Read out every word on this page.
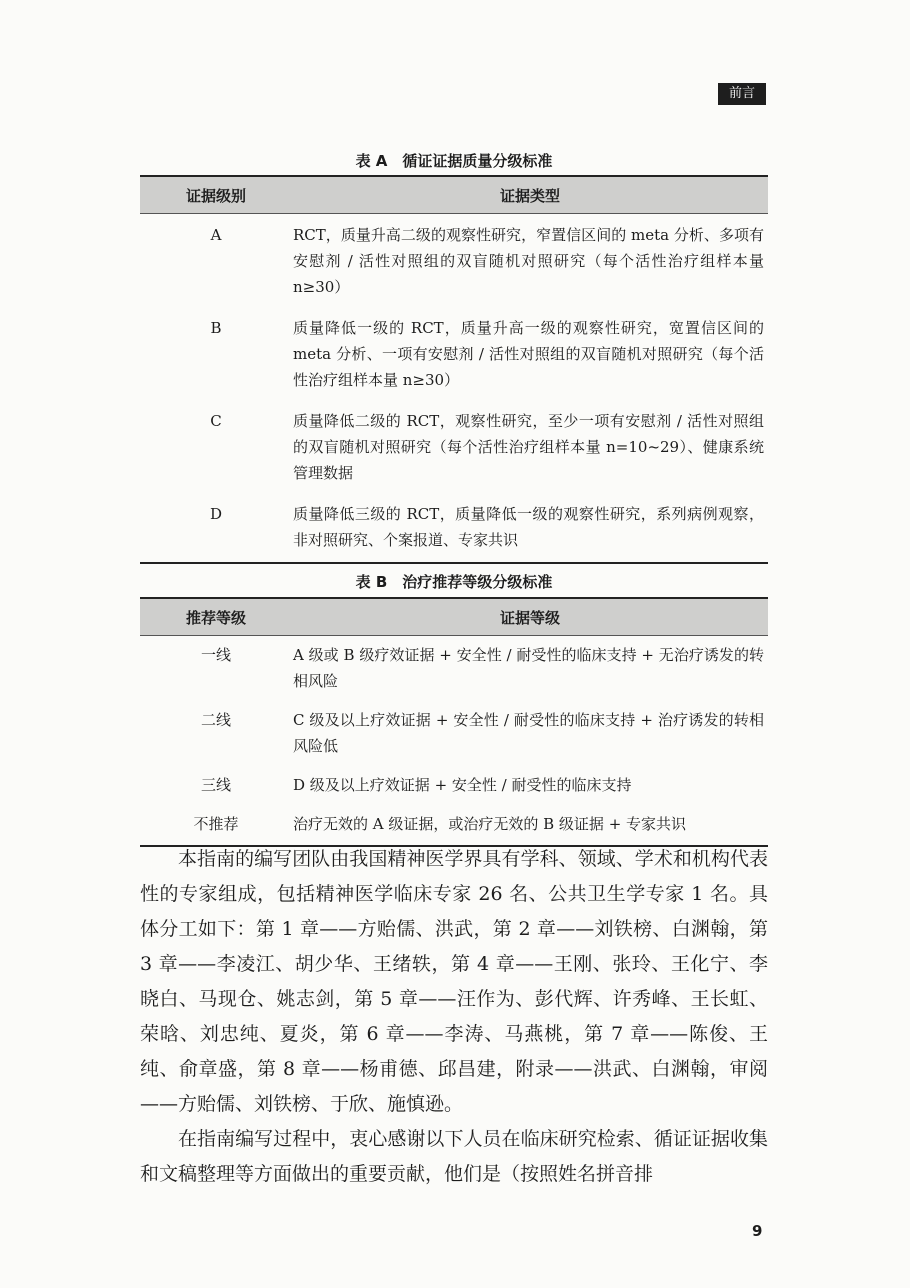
前言
表 A　循证证据质量分级标准
证据级别	证据类型
A	RCT，质量升高二级的观察性研究，窄置信区间的 meta 分析、多项有安慰剂 / 活性对照组的双盲随机对照研究（每个活性治疗组样本量 n≥30）
B	质量降低一级的 RCT，质量升高一级的观察性研究，宽置信区间的 meta 分析、一项有安慰剂 / 活性对照组的双盲随机对照研究（每个活性治疗组样本量 n≥30）
C	质量降低二级的 RCT，观察性研究，至少一项有安慰剂 / 活性对照组的双盲随机对照研究（每个活性治疗组样本量 n=10~29）、健康系统管理数据
D	质量降低三级的 RCT，质量降低一级的观察性研究，系列病例观察，非对照研究、个案报道、专家共识
表 B　治疗推荐等级分级标准
推荐等级	证据等级
一线	A 级或 B 级疗效证据 + 安全性 / 耐受性的临床支持 + 无治疗诱发的转相风险
二线	C 级及以上疗效证据 + 安全性 / 耐受性的临床支持 + 治疗诱发的转相风险低
三线	D 级及以上疗效证据 + 安全性 / 耐受性的临床支持
不推荐	治疗无效的 A 级证据，或治疗无效的 B 级证据 + 专家共识

本指南的编写团队由我国精神医学界具有学科、领域、学术和机构代表性的专家组成，包括精神医学临床专家 26 名、公共卫生学专家 1 名。具体分工如下：第 1 章——方贻儒、洪武，第 2 章——刘铁榜、白渊翰，第 3 章——李凌江、胡少华、王绪轶，第 4 章——王刚、张玲、王化宁、李晓白、马现仓、姚志剑，第 5 章——汪作为、彭代辉、许秀峰、王长虹、荣晗、刘忠纯、夏炎，第 6 章——李涛、马燕桃，第 7 章——陈俊、王纯、俞章盛，第 8 章——杨甫德、邱昌建，附录——洪武、白渊翰，审阅——方贻儒、刘铁榜、于欣、施慎逊。

在指南编写过程中，衷心感谢以下人员在临床研究检索、循证证据收集和文稿整理等方面做出的重要贡献，他们是（按照姓名拼音排

9
